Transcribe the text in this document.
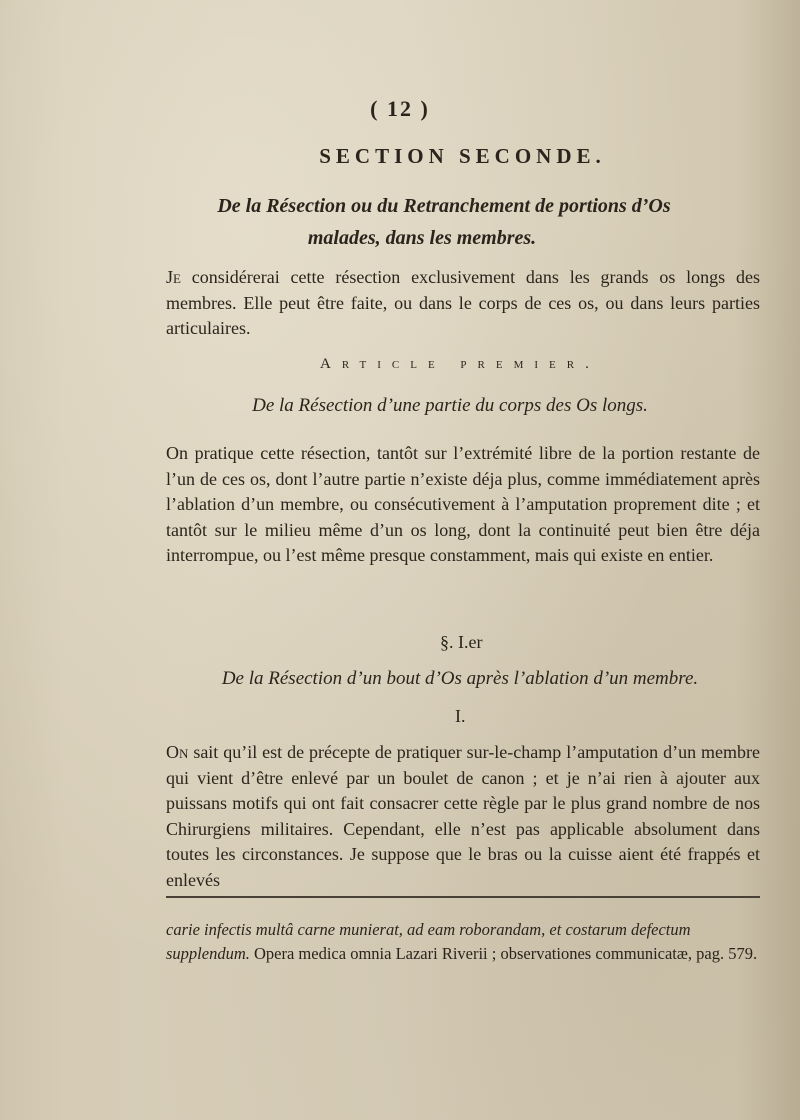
( 12 )
SECTION SECONDE.
De la Résection ou du Retranchement de portions d’Os
malades, dans les membres.
Je considérerai cette résection exclusivement dans les grands os longs des membres. Elle peut être faite, ou dans le corps de ces os, ou dans leurs parties articulaires.
Article premier.
De la Résection d’une partie du corps des Os longs.
On pratique cette résection, tantôt sur l’extrémité libre de la portion restante de l’un de ces os, dont l’autre partie n’existe déja plus, comme immédiatement après l’ablation d’un membre, ou consécutivement à l’amputation proprement dite ; et tantôt sur le milieu même d’un os long, dont la continuité peut bien être déja interrompue, ou l’est même presque constamment, mais qui existe en entier.
§. I.er
De la Résection d’un bout d’Os après l’ablation d’un membre.
I.
On sait qu’il est de précepte de pratiquer sur-le-champ l’amputation d’un membre qui vient d’être enlevé par un boulet de canon ; et je n’ai rien à ajouter aux puissans motifs qui ont fait consacrer cette règle par le plus grand nombre de nos Chirurgiens militaires. Cependant, elle n’est pas applicable absolument dans toutes les circonstances. Je suppose que le bras ou la cuisse aient été frappés et enlevés
carie infectis multâ carne munierat, ad eam roborandam, et costarum defectum supplendum. Opera medica omnia Lazari Riverii ; observationes communicatæ, pag. 579.
